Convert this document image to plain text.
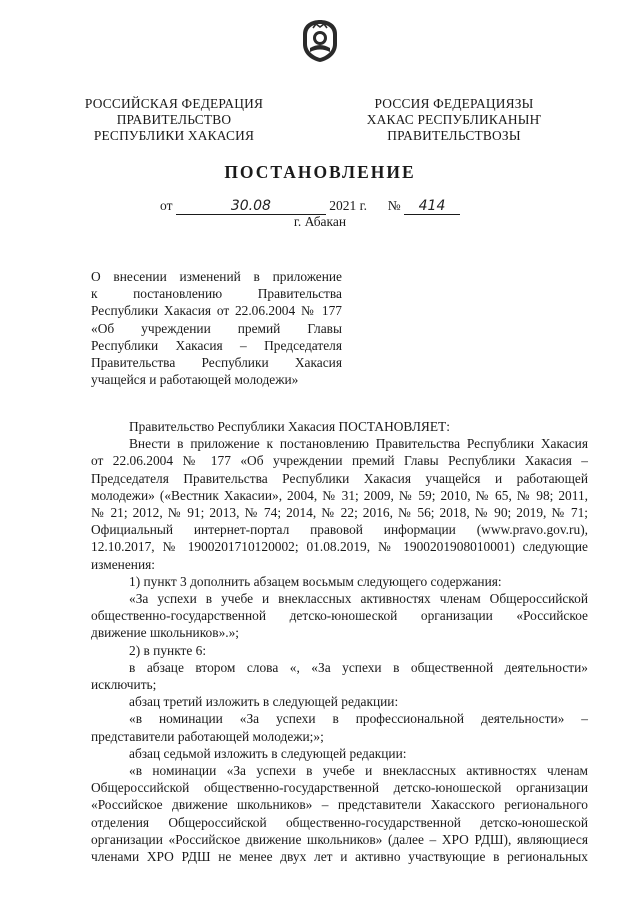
РОССИЙСКАЯ ФЕДЕРАЦИЯ
ПРАВИТЕЛЬСТВО
РЕСПУБЛИКИ ХАКАСИЯ
РОССИЯ ФЕДЕРАЦИЯЗЫ
ХАКАС РЕСПУБЛИКАНЫҤ
ПРАВИТЕЛЬСТВОЗЫ
ПОСТАНОВЛЕНИЕ
от	30.08	2021 г. № 414
г. Абакан
О внесении изменений в приложение
к постановлению Правительства
Республики Хакасия от 22.06.2004 № 177
«Об учреждении премий Главы
Республики Хакасия – Председателя
Правительства Республики Хакасия
учащейся и работающей молодежи»

Правительство Республики Хакасия ПОСТАНОВЛЯЕТ:

Внести в приложение к постановлению Правительства Республики Хакасия

от 22.06.2004 № 177 «Об учреждении премий Главы Республики Хакасия –

Председателя Правительства Республики Хакасия учащейся и работающей

молодежи» («Вестник Хакасии», 2004, № 31; 2009, № 59; 2010, № 65, № 98; 2011,

№ 21; 2012, № 91; 2013, № 74; 2014, № 22; 2016, № 56; 2018, № 90; 2019, № 71;

Официальный интернет-портал правовой информации (www.pravo.gov.ru),

12.10.2017, № 1900201710120002; 01.08.2019, № 1900201908010001) следующие

изменения:

1) пункт 3 дополнить абзацем восьмым следующего содержания:

«За успехи в учебе и внеклассных активностях членам Общероссийской

общественно-государственной детско-юношеской организации «Российское

движение школьников».»;

2) в пункте 6:

в абзаце втором слова «, «За успехи в общественной деятельности»

исключить;

абзац третий изложить в следующей редакции:

«в номинации «За успехи в профессиональной деятельности» –

представители работающей молодежи;»;

абзац седьмой изложить в следующей редакции:

«в номинации «За успехи в учебе и внеклассных активностях членам

Общероссийской общественно-государственной детско-юношеской организации

«Российское движение школьников» – представители Хакасского регионального

отделения Общероссийской общественно-государственной детско-юношеской

организации «Российское движение школьников» (далее – ХРО РДШ), являющиеся

членами ХРО РДШ не менее двух лет и активно участвующие в региональных
